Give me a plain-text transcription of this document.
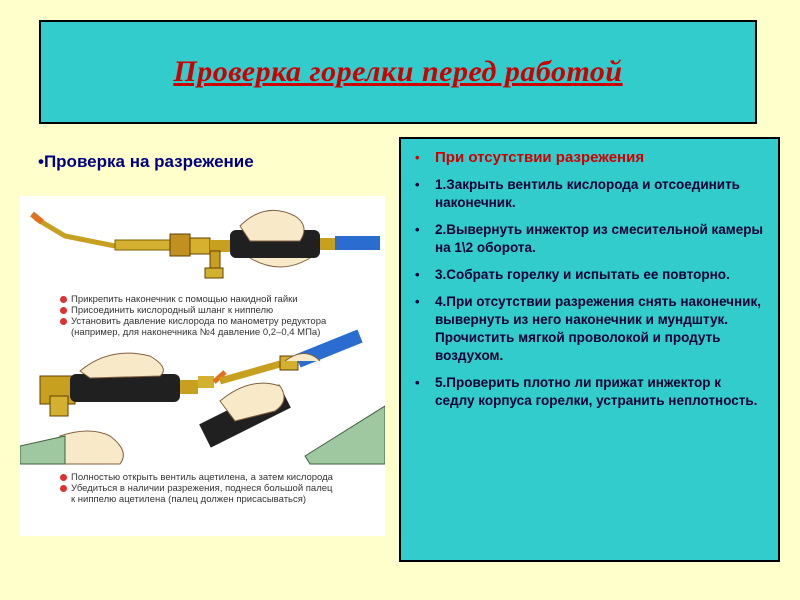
Проверка горелки перед работой
•Проверка на разрежение
Прикрепить наконечник с помощью накидной гайки
Присоединить кислородный шланг к ниппелю
Установить давление кислорода по манометру редуктора
(например, для наконечника №4 давление 0,2–0,4 МПа)
Полностью открыть вентиль ацетилена, а затем кислорода
Убедиться в наличии разрежения, поднеся большой палец
к ниппелю ацетилена (палец должен присасываться)
• При отсутствии разрежения
• 1.Закрыть вентиль кислорода и отсоединить наконечник.
• 2.Вывернуть инжектор из смесительной камеры на 1\2 оборота.
• 3.Собрать горелку и испытать ее повторно.
• 4.При отсутствии разрежения снять наконечник, вывернуть из него наконечник и мундштук. Прочистить мягкой проволокой и продуть воздухом.
• 5.Проверить плотно ли прижат инжектор к седлу корпуса горелки, устранить неплотность.
